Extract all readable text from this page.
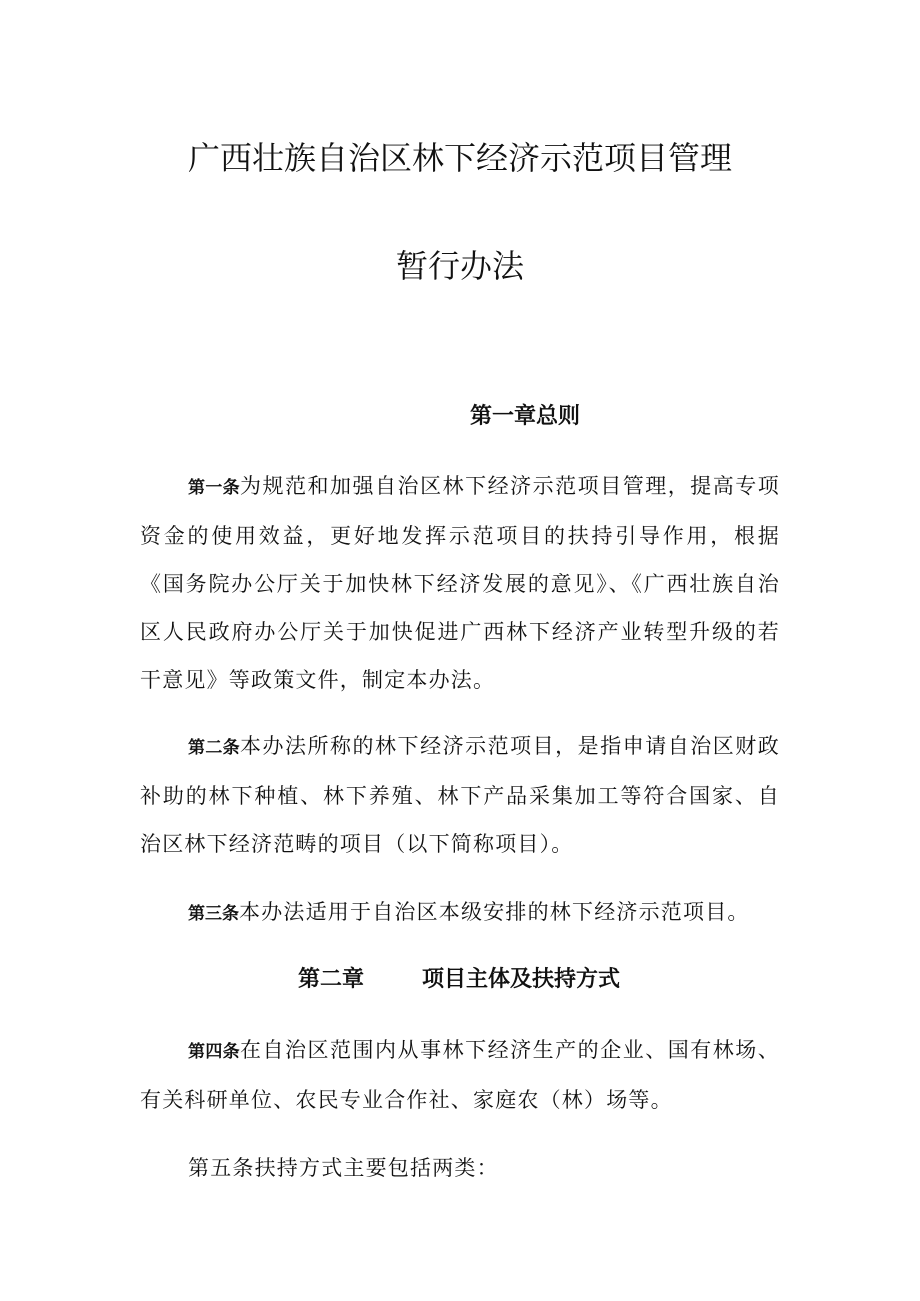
广西壮族自治区林下经济示范项目管理
暂行办法
第一章总则

第一条为规范和加强自治区林下经济示范项目管理，提高专项资金的使用效益，更好地发挥示范项目的扶持引导作用，根据《国务院办公厅关于加快林下经济发展的意见》、《广西壮族自治区人民政府办公厅关于加快促进广西林下经济产业转型升级的若干意见》等政策文件，制定本办法。

第二条本办法所称的林下经济示范项目，是指申请自治区财政补助的林下种植、林下养殖、林下产品采集加工等符合国家、自治区林下经济范畴的项目（以下简称项目）。

第三条本办法适用于自治区本级安排的林下经济示范项目。

第二章	项目主体及扶持方式

第四条在自治区范围内从事林下经济生产的企业、国有林场、有关科研单位、农民专业合作社、家庭农（林）场等。

第五条扶持方式主要包括两类：
